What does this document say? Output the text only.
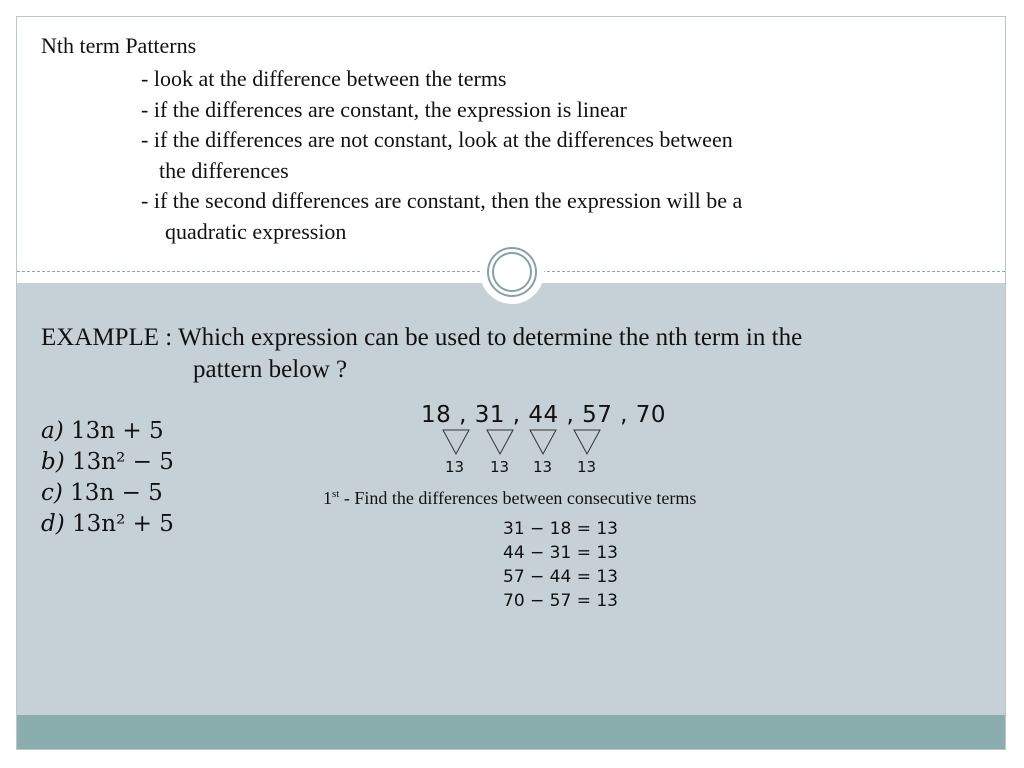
Nth term Patterns
- look at the difference between the terms
- if the differences are constant, the expression is linear
- if the differences are not constant, look at the differences between
the differences
- if the second differences are constant, then the expression will be a
quadratic expression
EXAMPLE : Which expression can be used to determine the nth term in the
pattern below ?
a) 13n + 5
b) 13n² − 5
c) 13n − 5
d) 13n² + 5
18 , 31 , 44 , 57 , 70
13 13 13 13
1st - Find the differences between consecutive terms
31 − 18 = 13
44 − 31 = 13
57 − 44 = 13
70 − 57 = 13
